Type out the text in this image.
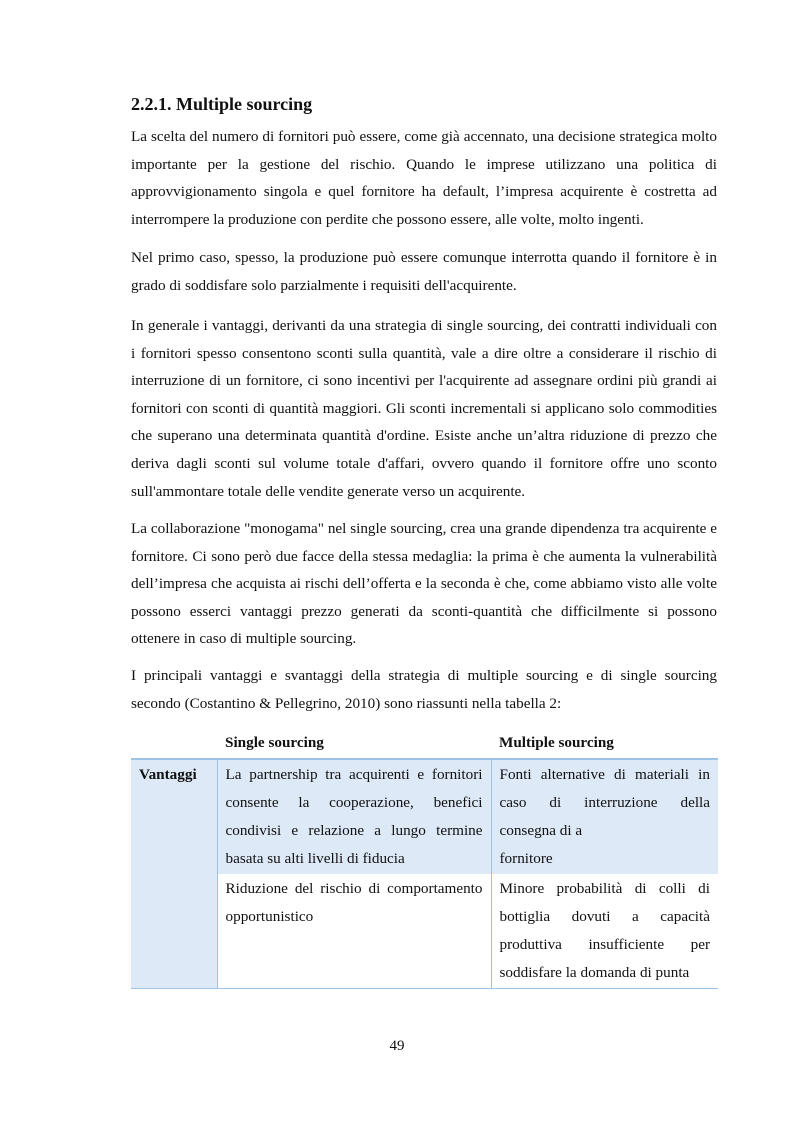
2.2.1. Multiple sourcing

La scelta del numero di fornitori può essere, come già accennato, una decisione strategica molto importante per la gestione del rischio. Quando le imprese utilizzano una politica di approvvigionamento singola e quel fornitore ha default, l’impresa acquirente è costretta ad interrompere la produzione con perdite che possono essere, alle volte, molto ingenti.

Nel primo caso, spesso, la produzione può essere comunque interrotta quando il fornitore è in grado di soddisfare solo parzialmente i requisiti dell'acquirente.

In generale i vantaggi, derivanti da una strategia di single sourcing, dei contratti individuali con i fornitori spesso consentono sconti sulla quantità, vale a dire oltre a considerare il rischio di interruzione di un fornitore, ci sono incentivi per l'acquirente ad assegnare ordini più grandi ai fornitori con sconti di quantità maggiori. Gli sconti incrementali si applicano solo commodities che superano una determinata quantità d'ordine. Esiste anche un’altra riduzione di prezzo che deriva dagli sconti sul volume totale d'affari, ovvero quando il fornitore offre uno sconto sull'ammontare totale delle vendite generate verso un acquirente.

La collaborazione "monogama" nel single sourcing, crea una grande dipendenza tra acquirente e fornitore. Ci sono però due facce della stessa medaglia: la prima è che aumenta la vulnerabilità dell’impresa che acquista ai rischi dell’offerta e la seconda è che, come abbiamo visto alle volte possono esserci vantaggi prezzo generati da sconti-quantità che difficilmente si possono ottenere in caso di multiple sourcing.

I principali vantaggi e svantaggi della strategia di multiple sourcing e di single sourcing secondo (Costantino & Pellegrino, 2010) sono riassunti nella tabella 2:

	Single sourcing	Multiple sourcing
Vantaggi	La partnership tra acquirenti e fornitori consente la cooperazione, benefici condivisi e relazione a lungo termine basata su alti livelli di fiducia	Fonti alternative di materiali in caso di interruzione della consegna di a
fornitore

	Riduzione del rischio di comportamento opportunistico	Minore probabilità di colli di bottiglia dovuti a capacità produttiva insufficiente per soddisfare la domanda di punta
49
